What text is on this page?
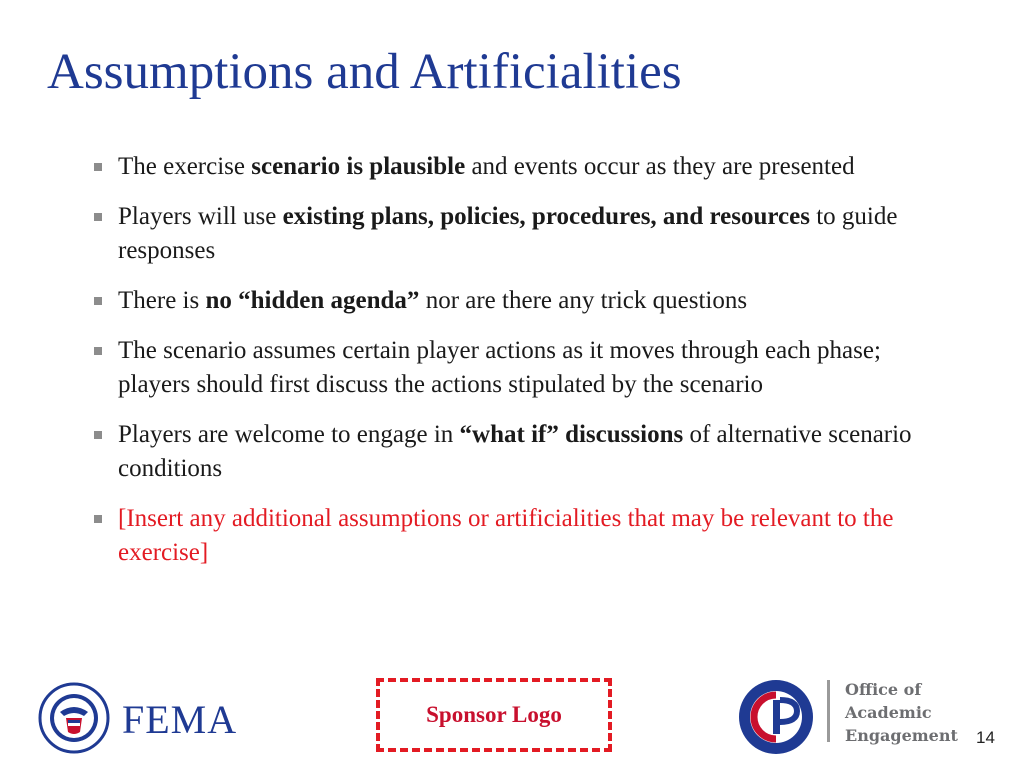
Assumptions and Artificialities
The exercise scenario is plausible and events occur as they are presented
Players will use existing plans, policies, procedures, and resources to guide responses
There is no “hidden agenda” nor are there any trick questions
The scenario assumes certain player actions as it moves through each phase; players should first discuss the actions stipulated by the scenario
Players are welcome to engage in “what if” discussions of alternative scenario conditions
[Insert any additional assumptions or artificialities that may be relevant to the exercise]
FEMA	Sponsor Logo
Office of
Academic
Engagement 14
